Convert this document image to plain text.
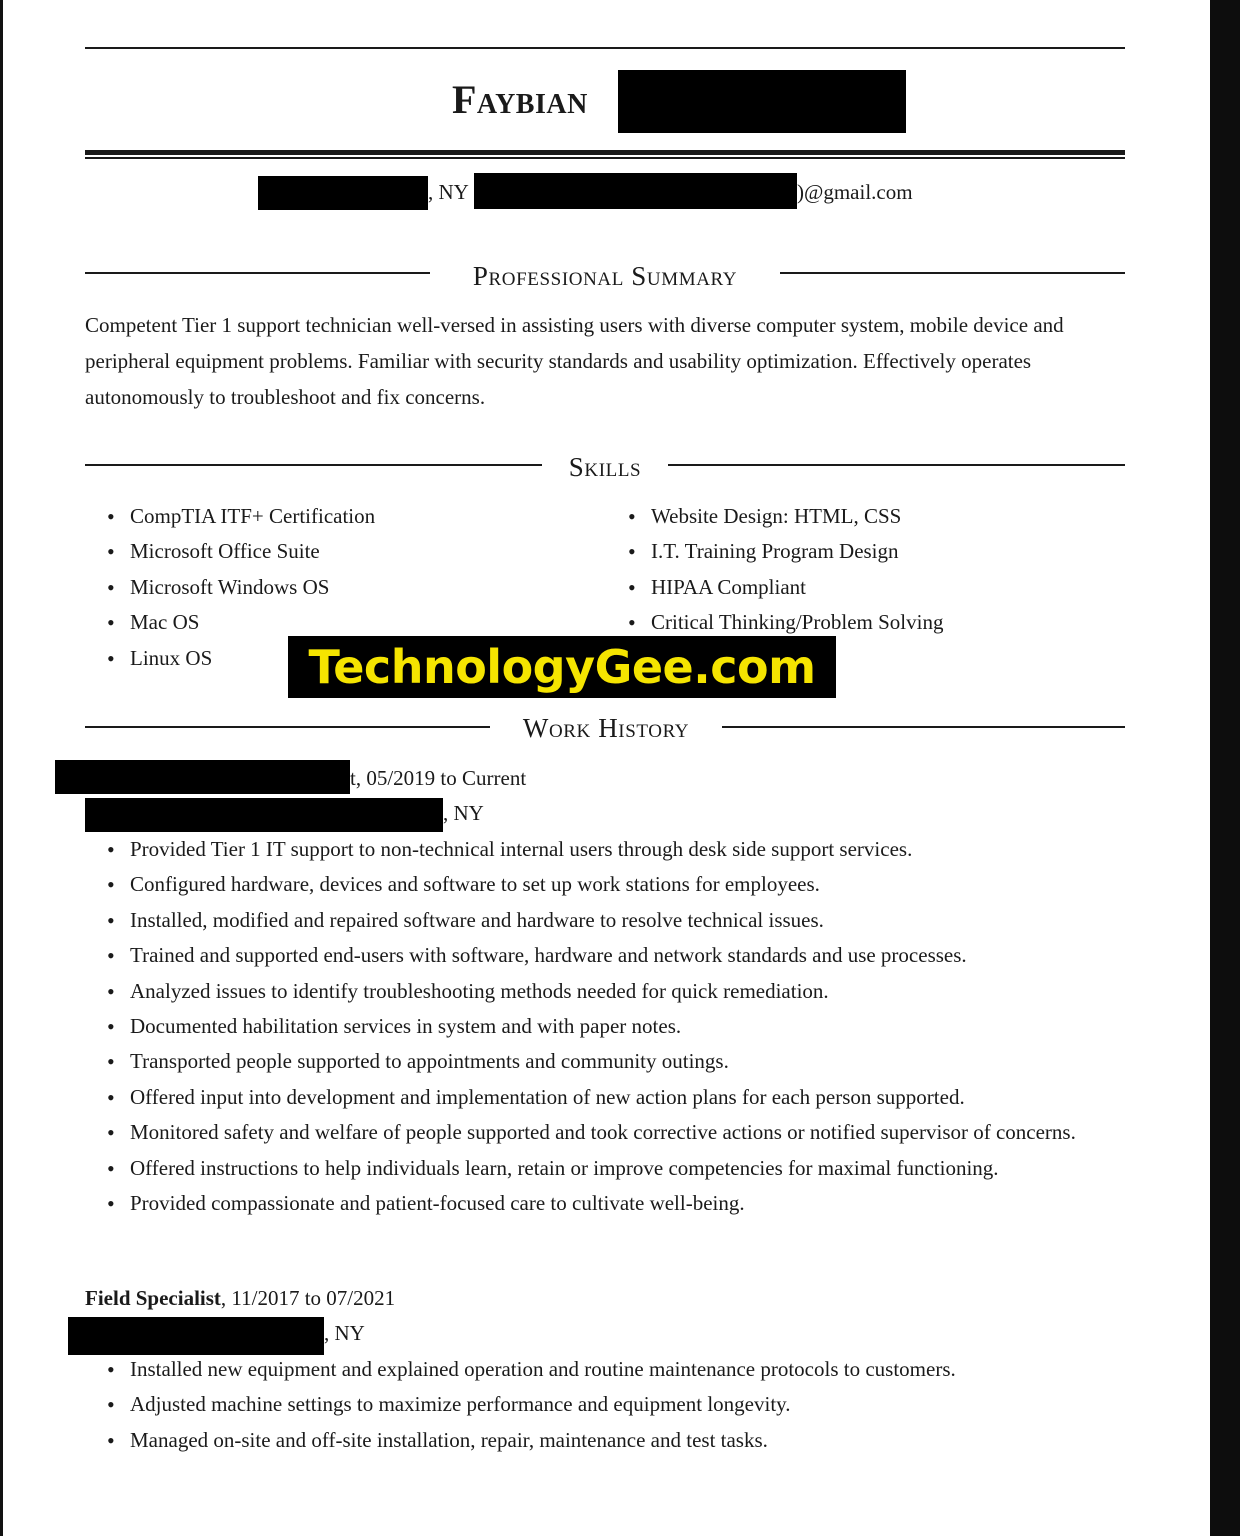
Faybian
, NY	)@gmail.com
Professional Summary
Competent Tier 1 support technician well-versed in assisting users with diverse computer system, mobile device and peripheral equipment problems. Familiar with security standards and usability optimization. Effectively operates autonomously to troubleshoot and fix concerns.
Skills
• CompTIA ITF+ Certification
• Microsoft Office Suite
• Microsoft Windows OS
• Mac OS
• Linux OS
• Website Design: HTML, CSS
• I.T. Training Program Design
• HIPAA Compliant
• Critical Thinking/Problem Solving
TechnologyGee.com
Work History
t, 05/2019 to Current
, NY
• Provided Tier 1 IT support to non-technical internal users through desk side support services.
• Configured hardware, devices and software to set up work stations for employees.
• Installed, modified and repaired software and hardware to resolve technical issues.
• Trained and supported end-users with software, hardware and network standards and use processes.
• Analyzed issues to identify troubleshooting methods needed for quick remediation.
• Documented habilitation services in system and with paper notes.
• Transported people supported to appointments and community outings.
• Offered input into development and implementation of new action plans for each person supported.
• Monitored safety and welfare of people supported and took corrective actions or notified supervisor of concerns.
• Offered instructions to help individuals learn, retain or improve competencies for maximal functioning.
• Provided compassionate and patient-focused care to cultivate well-being.
Field Specialist, 11/2017 to 07/2021
, NY
• Installed new equipment and explained operation and routine maintenance protocols to customers.
• Adjusted machine settings to maximize performance and equipment longevity.
• Managed on-site and off-site installation, repair, maintenance and test tasks.
